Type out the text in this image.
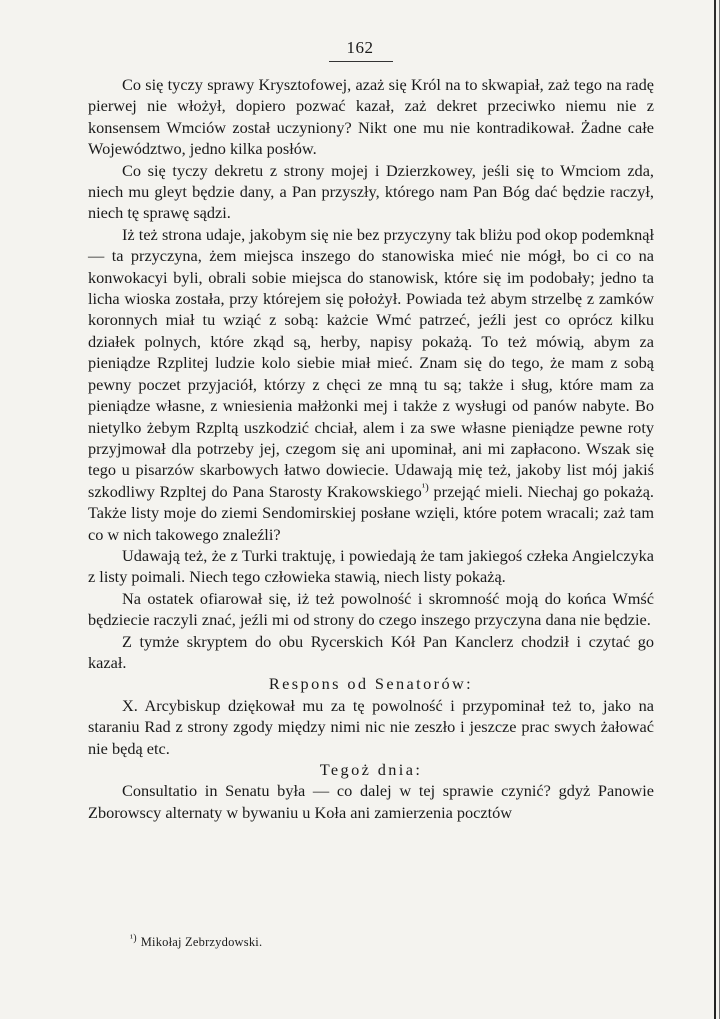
162

Co się tyczy sprawy Krysztofowej, azaż się Król na to skwapiał, zaż tego na radę pierwej nie włożył, dopiero pozwać kazał, zaż dekret przeciwko niemu nie z konsensem Wmciów został uczyniony? Nikt one mu nie kontradikował. Żadne całe Województwo, jedno kilka posłów.

Co się tyczy dekretu z strony mojej i Dzierzkowey, jeśli się to Wmciom zda, niech mu gleyt będzie dany, a Pan przyszły, którego nam Pan Bóg dać będzie raczył, niech tę sprawę sądzi.

Iż też strona udaje, jakobym się nie bez przyczyny tak bliżu pod okop podemknął — ta przyczyna, żem miejsca inszego do stanowiska mieć nie mógł, bo ci co na konwokacyi byli, obrali sobie miejsca do stanowisk, które się im podobały; jedno ta licha wioska została, przy którejem się położył. Powiada też abym strzelbę z zamków koronnych miał tu wziąć z sobą: każcie Wmć patrzeć, jeźli jest co oprócz kilku działek polnych, które zkąd są, herby, napisy pokażą. To też mówią, abym za pieniądze Rzplitej ludzie kolo siebie miał mieć. Znam się do tego, że mam z sobą pewny poczet przyjaciół, którzy z chęci ze mną tu są; także i sług, które mam za pieniądze własne, z wniesienia małżonki mej i także z wysługi od panów nabyte. Bo nietylko żebym Rzpltą uszkodzić chciał, alem i za swe własne pieniądze pewne roty przyjmował dla potrzeby jej, czegom się ani upominał, ani mi zapłacono. Wszak się tego u pisarzów skarbowych łatwo dowiecie. Udawają mię też, jakoby list mój jakiś szkodliwy Rzpltej do Pana Starosty Krakowskiego$^{^1)}$ przejąć mieli. Niechaj go pokażą. Także listy moje do ziemi Sendomirskiej posłane wzięli, które potem wracali; zaż tam co w nich takowego znaleźli?

Udawają też, że z Turki traktuję, i powiedają że tam jakiegoś człeka Angielczyka z listy poimali. Niech tego człowieka stawią, niech listy pokażą.

Na ostatek ofiarował się, iż też powolność i skromność moją do końca Wmść będziecie raczyli znać, jeźli mi od strony do czego inszego przyczyna dana nie będzie.

Z tymże skryptem do obu Rycerskich Kół Pan Kanclerz chodził i czytać go kazał.

Respons od Senatorów:

X. Arcybiskup dziękował mu za tę powolność i przypominał też to, jako na staraniu Rad z strony zgody między nimi nic nie zeszło i jeszcze prac swych żałować nie będą etc.

Tegoż dnia:

Consultatio in Senatu była — co dalej w tej sprawie czynić? gdyż Panowie Zborowscy alternaty w bywaniu u Koła ani zamierzenia pocztów

$^{^1)}$ Mikołaj Zebrzydowski.
